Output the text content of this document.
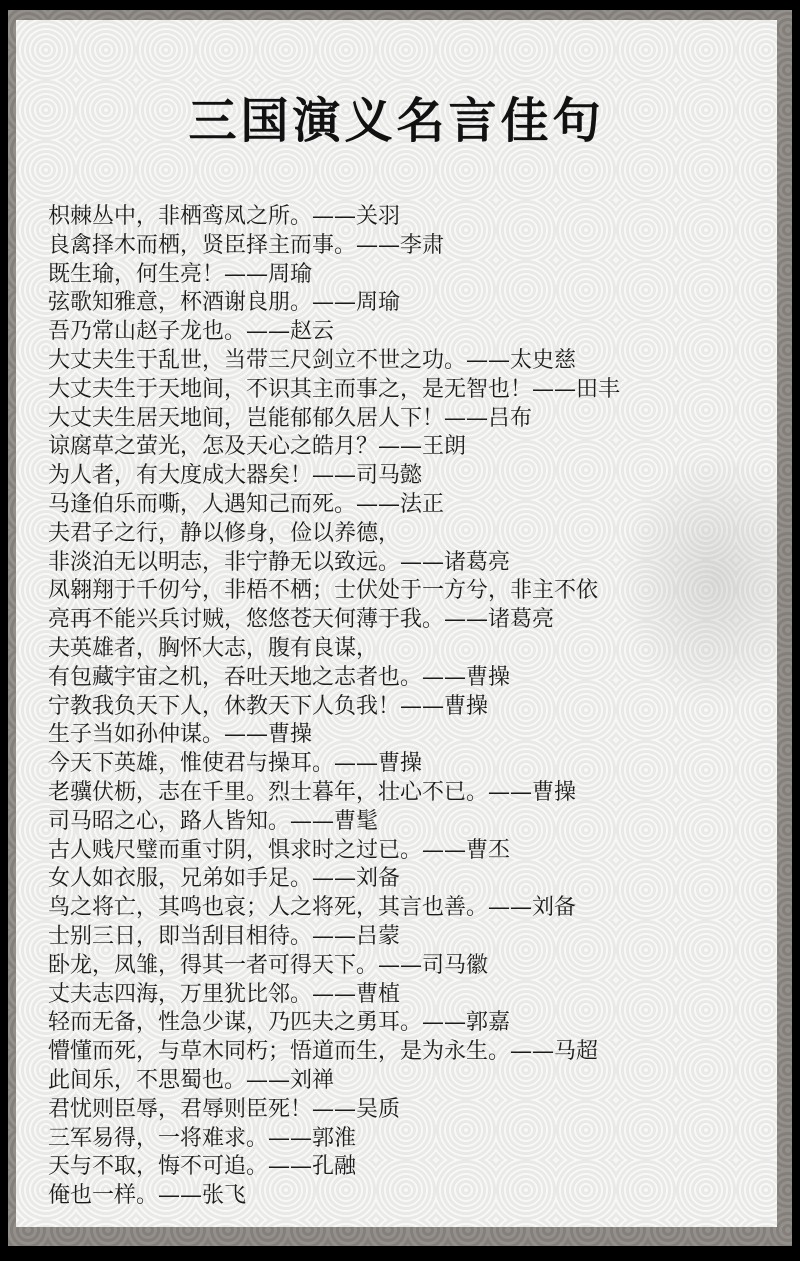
三国演义名言佳句
枳棘丛中，非栖鸾凤之所。——关羽
良禽择木而栖，贤臣择主而事。——李肃
既生瑜，何生亮！——周瑜
弦歌知雅意，杯酒谢良朋。——周瑜
吾乃常山赵子龙也。——赵云
大丈夫生于乱世，当带三尺剑立不世之功。——太史慈
大丈夫生于天地间，不识其主而事之，是无智也！——田丰
大丈夫生居天地间，岂能郁郁久居人下！——吕布
谅腐草之萤光，怎及天心之皓月？——王朗
为人者，有大度成大器矣！——司马懿
马逢伯乐而嘶，人遇知己而死。——法正
夫君子之行，静以修身，俭以养德，
非淡泊无以明志，非宁静无以致远。——诸葛亮
凤翱翔于千仞兮，非梧不栖；士伏处于一方兮，非主不依
亮再不能兴兵讨贼，悠悠苍天何薄于我。——诸葛亮
夫英雄者，胸怀大志，腹有良谋，
有包藏宇宙之机，吞吐天地之志者也。——曹操
宁教我负天下人，休教天下人负我！——曹操
生子当如孙仲谋。——曹操
今天下英雄，惟使君与操耳。——曹操
老骥伏枥，志在千里。烈士暮年，壮心不已。——曹操
司马昭之心，路人皆知。——曹髦
古人贱尺璧而重寸阴，惧求时之过已。——曹丕
女人如衣服，兄弟如手足。——刘备
鸟之将亡，其鸣也哀；人之将死，其言也善。——刘备
士别三日，即当刮目相待。——吕蒙
卧龙，凤雏，得其一者可得天下。——司马徽
丈夫志四海，万里犹比邻。——曹植
轻而无备，性急少谋，乃匹夫之勇耳。——郭嘉
懵懂而死，与草木同朽；悟道而生，是为永生。——马超
此间乐，不思蜀也。——刘禅
君忧则臣辱，君辱则臣死！——吴质
三军易得，一将难求。——郭淮
天与不取，悔不可追。——孔融
俺也一样。——张飞
